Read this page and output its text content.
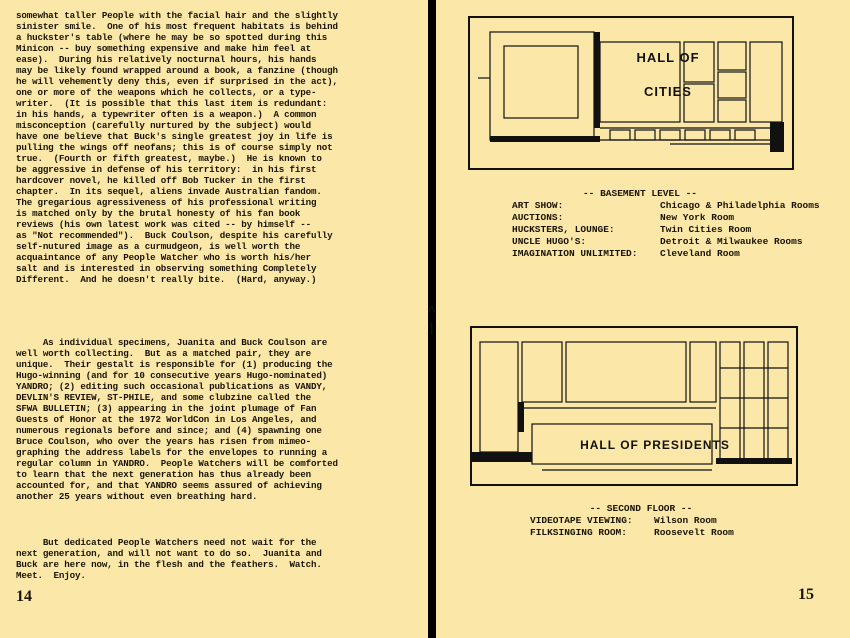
somewhat taller People with the facial hair and the slightly

sinister smile.  One of his most frequent habitats is behind

a huckster's table (where he may be so spotted during this

Minicon -- buy something expensive and make him feel at

ease).  During his relatively nocturnal hours, his hands

may be likely found wrapped around a book, a fanzine (though

he will vehemently deny this, even if surprised in the act),

one or more of the weapons which he collects, or a type-

writer.  (It is possible that this last item is redundant:

in his hands, a typewriter often is a weapon.)  A common

misconception (carefully nurtured by the subject) would

have one believe that Buck's single greatest joy in life is

pulling the wings off neofans; this is of course simply not

true.  (Fourth or fifth greatest, maybe.)  He is known to

be aggressive in defense of his territory:  in his first

hardcover novel, he killed off Bob Tucker in the first

chapter.  In its sequel, aliens invade Australian fandom.

The gregarious agressiveness of his professional writing

is matched only by the brutal honesty of his fan book

reviews (his own latest work was cited -- by himself --

as "Not recommended").  Buck Coulson, despite his carefully

self-nutured image as a curmudgeon, is well worth the

acquaintance of any People Watcher who is worth his/her

salt and is interested in observing something Completely

Different.  And he doesn't really bite.  (Hard, anyway.)

As individual specimens, Juanita and Buck Coulson are

well worth collecting.  But as a matched pair, they are

unique.  Their gestalt is responsible for (1) producing the

Hugo-winning (and for 10 consecutive years Hugo-nominated)

YANDRO; (2) editing such occasional publications as VANDY,

DEVLIN'S REVIEW, ST-PHILE, and some clubzine called the

SFWA BULLETIN; (3) appearing in the joint plumage of Fan

Guests of Honor at the 1972 WorldCon in Los Angeles, and

numerous regionals before and since; and (4) spawning one

Bruce Coulson, who over the years has risen from mimeo-

graphing the address labels for the envelopes to running a

regular column in YANDRO.  People Watchers will be comforted

to learn that the next generation has thus already been

accounted for, and that YANDRO seems assured of achieving

another 25 years without even breathing hard.

But dedicated People Watchers need not wait for the

next generation, and will not want to do so.  Juanita and

Buck are here now, in the flesh and the feathers.  Watch.

Meet.  Enjoy.

14
HALL OF
CITIES
-- BASEMENT LEVEL --
ART SHOW:	Chicago & Philadelphia Rooms
AUCTIONS:	New York Room
HUCKSTERS, LOUNGE:	Twin Cities Room
UNCLE HUGO'S:	Detroit & Milwaukee Rooms
IMAGINATION UNLIMITED: Cleveland Room
ʌ
|
HALL OF PRESIDENTS
-- SECOND FLOOR --
VIDEOTAPE VIEWING: Wilson Room
FILKSINGING ROOM:	Roosevelt Room
15
